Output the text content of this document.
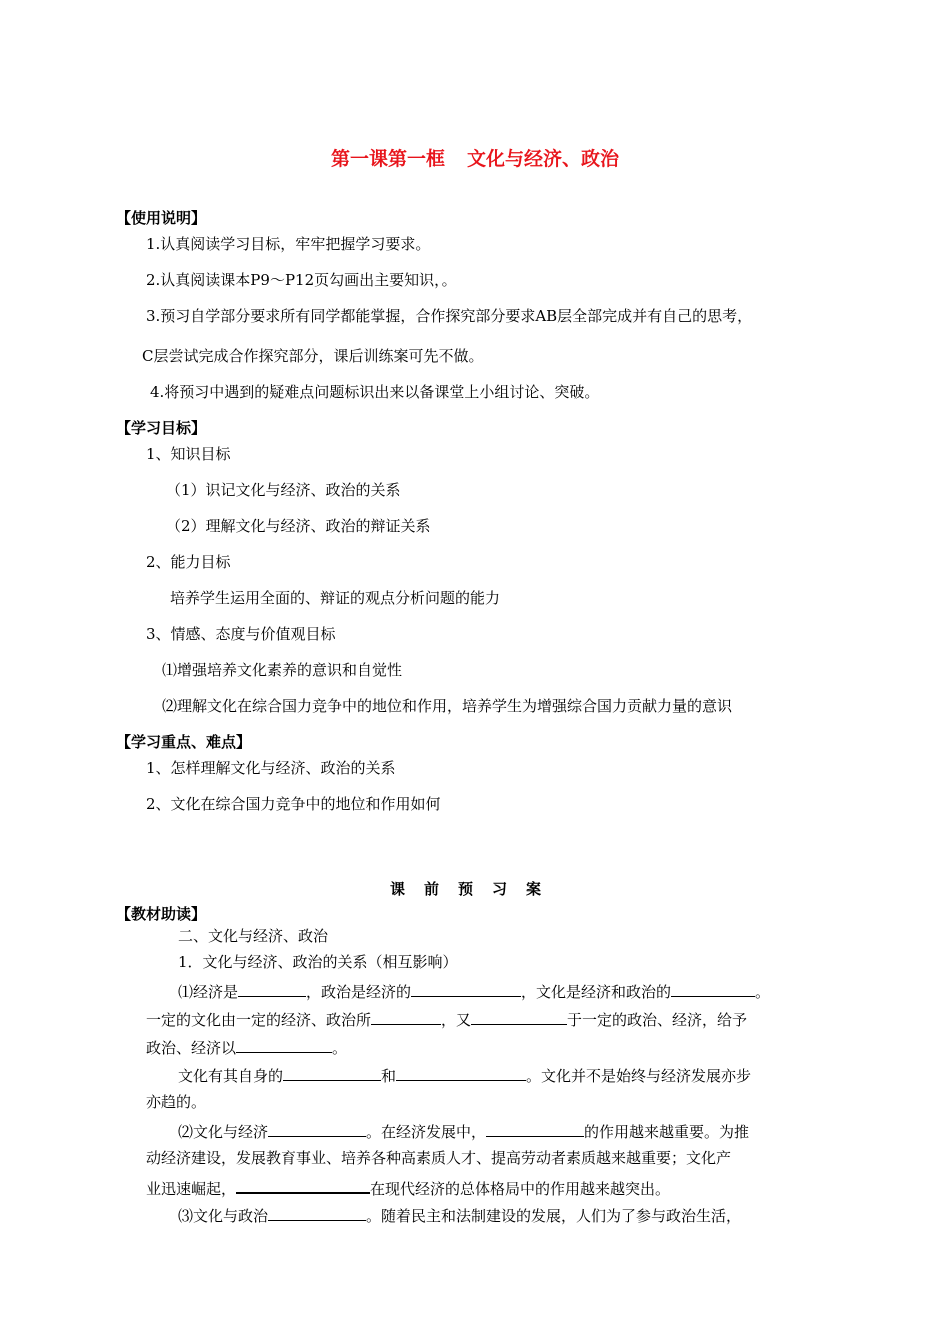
第一课第一框 文化与经济、政治
【使用说明】
1.认真阅读学习目标，牢牢把握学习要求。
2.认真阅读课本P9～P12页勾画出主要知识，。
3.预习自学部分要求所有同学都能掌握，合作探究部分要求AB层全部完成并有自己的思考，
C层尝试完成合作探究部分，课后训练案可先不做。
4.将预习中遇到的疑难点问题标识出来以备课堂上小组讨论、突破。
【学习目标】
1、知识目标
（1）识记文化与经济、政治的关系
（2）理解文化与经济、政治的辩证关系
2、能力目标
培养学生运用全面的、辩证的观点分析问题的能力
3、情感、态度与价值观目标
⑴增强培养文化素养的意识和自觉性
⑵理解文化在综合国力竞争中的地位和作用，培养学生为增强综合国力贡献力量的意识
【学习重点、难点】
1、怎样理解文化与经济、政治的关系
2、文化在综合国力竞争中的地位和作用如何
课前预习案
【教材助读】
二、文化与经济、政治
1．文化与经济、政治的关系（相互影响）
⑴经济是	，政治是经济的	，文化是经济和政治的	。
一定的文化由一定的经济、政治所	，又	于一定的政治、经济，给予
政治、经济以	。
文化有其自身的	和	。文化并不是始终与经济发展亦步
亦趋的。
⑵文化与经济	。在经济发展中，	的作用越来越重要。为推
动经济建设，发展教育事业、培养各种高素质人才、提高劳动者素质越来越重要；文化产
业迅速崛起，	在现代经济的总体格局中的作用越来越突出。
⑶文化与政治	。随着民主和法制建设的发展，人们为了参与政治生活，
